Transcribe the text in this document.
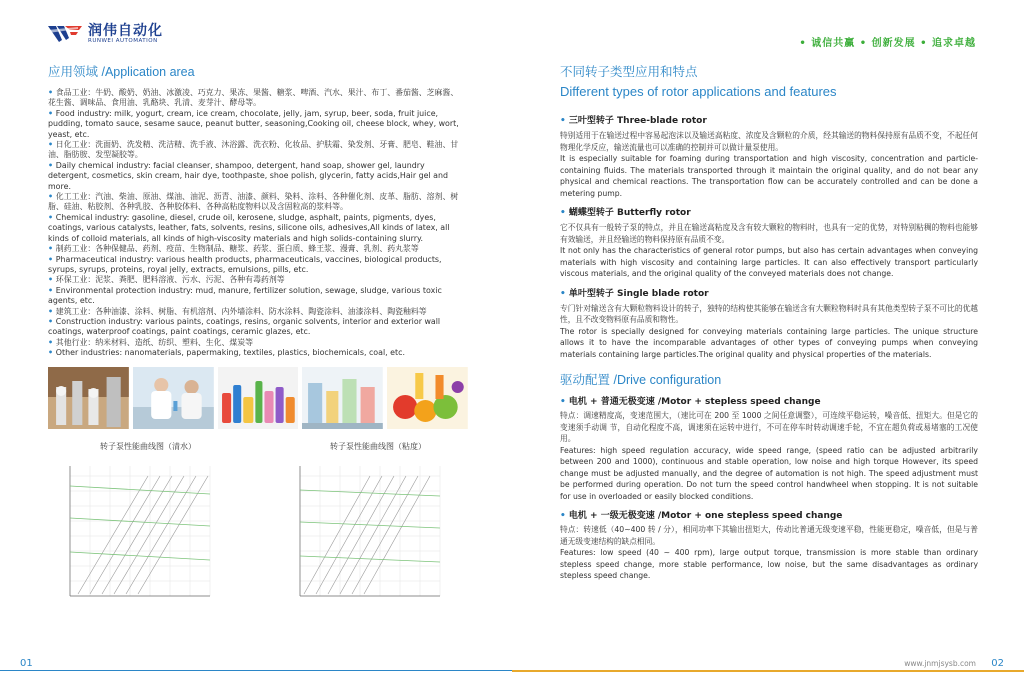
润伟自动化
RUNWEI AUTOMATION	• 诚信共赢 • 创新发展 • 追求卓越
应用领域 /Application area

• 食品工业：牛奶、酸奶、奶油、冰激凌、巧克力、果冻、果酱、糖浆、啤酒、汽水、果汁、布丁、番茄酱、芝麻酱、花生酱、调味品、食用油、乳酪块、乳清、麦芽汁、酵母等。

• Food industry: milk, yogurt, cream, ice cream, chocolate, jelly, jam, syrup, beer, soda, fruit juice, pudding, tomato sauce, sesame sauce, peanut butter, seasoning,Cooking oil, cheese block, whey, wort, yeast, etc.

• 日化工业：洗面奶、洗发精、洗洁精、洗手液、沐浴露、洗衣粉、化妆品、护肤霜、染发剂、牙膏、肥皂、鞋油、甘油、脂肪胺、发型凝胶等。

• Daily chemical industry: facial cleanser, shampoo, detergent, hand soap, shower gel, laundry detergent, cosmetics, skin cream, hair dye, toothpaste, shoe polish, glycerin, fatty acids,Hair gel and more.

• 化工工业：汽油、柴油、原油、煤油、油泥、沥青、油漆、颜料、染料、涂料、各种催化剂、皮革、脂肪、溶剂、树脂、硅油、粘胶剂、各种乳胶、各种胶体料、各种高粘度物料以及含固粒高的浆料等。

• Chemical industry: gasoline, diesel, crude oil, kerosene, sludge, asphalt, paints, pigments, dyes, coatings, various catalysts, leather, fats, solvents, resins, silicone oils, adhesives,All kinds of latex, all kinds of colloid materials, all kinds of high-viscosity materials and high solids-containing slurry.

• 制药工业：各种保健品、药剂、疫苗、生物制品、糖浆、药浆、蛋白质、蜂王浆、漫膏、乳剂、药丸浆等

• Pharmaceutical industry: various health products, pharmaceuticals, vaccines, biological products, syrups, syrups, proteins, royal jelly, extracts, emulsions, pills, etc.

• 环保工业：泥浆、粪肥、肥料溶液、污水、污泥、各种有毒药剂等

• Environmental protection industry: mud, manure, fertilizer solution, sewage, sludge, various toxic agents, etc.

• 建筑工业：各种油漆、涂料、树脂、有机溶剂、内外墙涂料、防水涂料、陶瓷涂料、油漆涂料、陶瓷釉料等

• Construction industry: various paints, coatings, resins, organic solvents, interior and exterior wall coatings, waterproof coatings, paint coatings, ceramic glazes, etc.

• 其他行业：纳米材料、造纸、纺织、塑料、生化、煤炭等

• Other industries: nanomaterials, papermaking, textiles, plastics, biochemicals, coal, etc.

转子泵性能曲线图（清水）	转子泵性能曲线图（粘度）
不同转子类型应用和特点
Different types of rotor applications and features
• 三叶型转子 Three-blade rotor
特别适用于在输送过程中容易起泡沫以及输送高粘度、浓度及含颗粒的介质，经其输送的物料保持原有品质不变，不起任何物理化学反应，输送流量也可以准确的控制并可以做计量泵使用。
It is especially suitable for foaming during transportation and high viscosity, concentration and particle-containing fluids. The materials transported through it maintain the original quality, and do not bear any physical and chemical reactions. The transportation flow can be accurately controlled and can be done a metering pump.
• 蝴蝶型转子 Butterfly rotor
它不仅具有一般转子泵的特点，并且在输送高粘度及含有较大颗粒的物料时，也具有一定的优势，对特别粘稠的物料也能够有效输送，并且经输送的物料保持原有品质不变。
It not only has the characteristics of general rotor pumps, but also has certain advantages when conveying materials with high viscosity and containing large particles. It can also effectively transport particularly viscous materials, and the original quality of the conveyed materials does not change.
• 单叶型转子 Single blade rotor
专门针对输送含有大颗粒物料设计的转子，独特的结构使其能够在输送含有大颗粒物料时具有其他类型转子泵不可比的优越性，且不改变物料原有品质和物性。
The rotor is specially designed for conveying materials containing large particles. The unique structure allows it to have the incomparable advantages of other types of conveying pumps when conveying materials containing large particles.The original quality and physical properties of the materials.
驱动配置 /Drive configuration
• 电机 + 普通无极变速 /Motor + stepless speed change
特点：调速精度高，变速范围大，（速比可在 200 至 1000 之间任意调整），可连续平稳运转，噪音低、扭矩大。但是它的变速须手动调 节，自动化程度不高，调速须在运转中进行，不可在停车时转动调速手轮，不宜在超负荷或易堵塞的工况使用。
Features: high speed regulation accuracy, wide speed range, (speed ratio can be adjusted arbitrarily between 200 and 1000), continuous and stable operation, low noise and high torque However, its speed change must be adjusted manually, and the degree of automation is not high. The speed adjustment must be performed during operation. Do not turn the speed control handwheel when stopping. It is not suitable for use in overloaded or easily blocked conditions.
• 电机 + 一级无极变速 /Motor + one stepless speed change
特点：转速低（40~400 转 / 分），相同功率下其输出扭矩大，传动比普通无级变速平稳，性能更稳定，噪音低，但是与普通无级变速结构的缺点相同。
Features: low speed (40 ~ 400 rpm), large output torque, transmission is more stable than ordinary stepless speed change, more stable performance, low noise, but the same disadvantages as ordinary stepless speed change.
01	www.jnmjsysb.com 02
